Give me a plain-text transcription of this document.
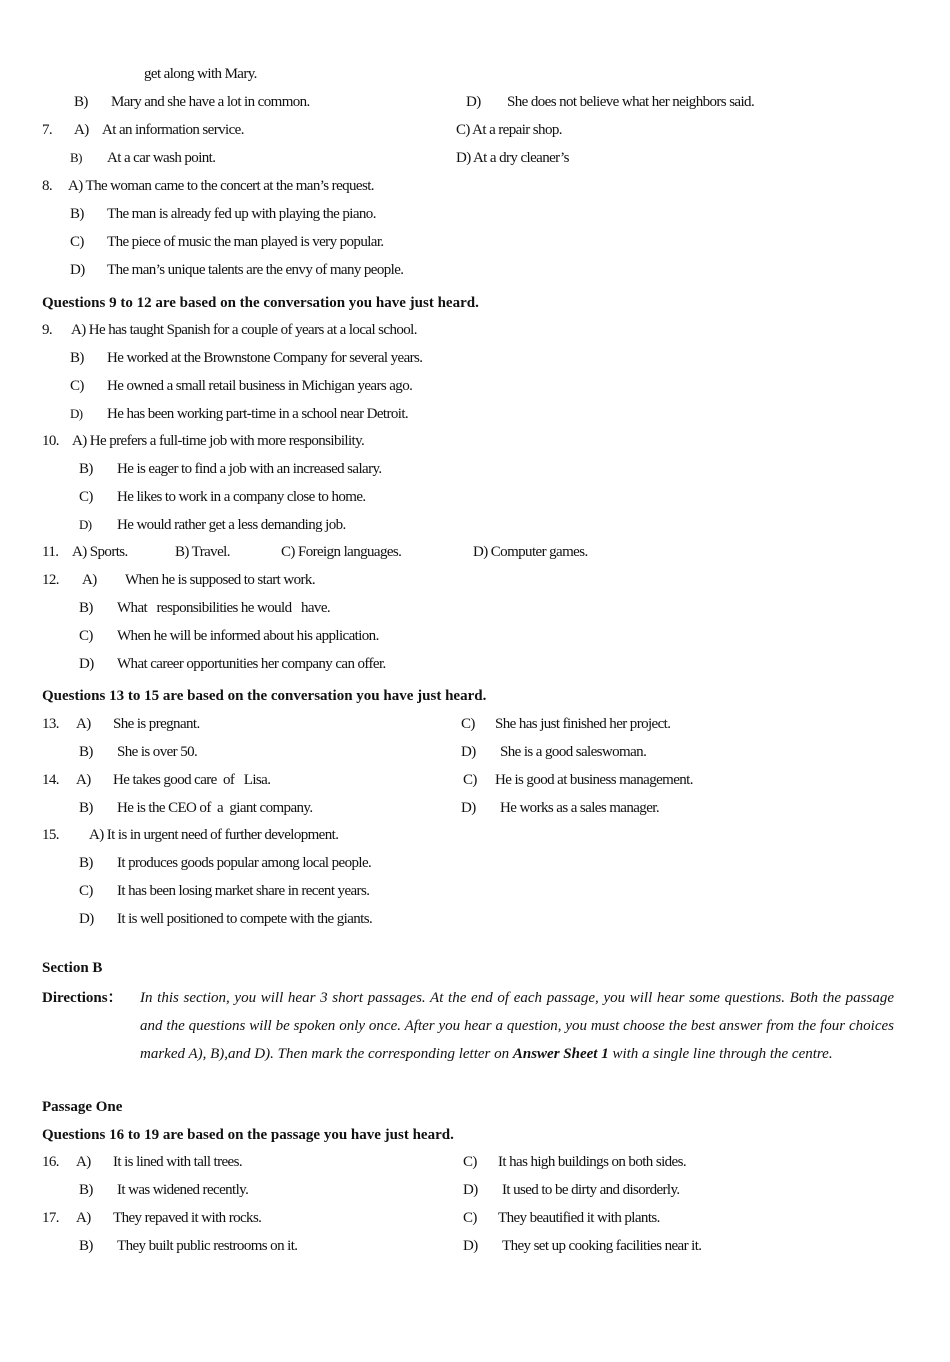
get along with Mary.
B) Mary and she have a lot in common.	D) She does not believe what her neighbors said.
7. A) At an information service.	C) At a repair shop.
B) At a car wash point.	D) At a dry cleaner’s
8. A) The woman came to the concert at the man’s request.
B) The man is already fed up with playing the piano.
C) The piece of music the man played is very popular.
D) The man’s unique talents are the envy of many people.
Questions 9 to 12 are based on the conversation you have just heard.
9. A) He has taught Spanish for a couple of years at a local school.
B) He worked at the Brownstone Company for several years.
C) He owned a small retail business in Michigan years ago.
D) He has been working part-time in a school near Detroit.
10. A) He prefers a full-time job with more responsibility.
B) He is eager to find a job with an increased salary.
C) He likes to work in a company close to home.
D) He would rather get a less demanding job.
11. A) Sports.	B) Travel.	C) Foreign languages.	D) Computer games.
12. A) When he is supposed to start work.
B) What   responsibilities he would   have.
C) When he will be informed about his application.
D) What career opportunities her company can offer.
Questions 13 to 15 are based on the conversation you have just heard.
13. A) She is pregnant.	C) She has just finished her project.
B) She is over 50.	D) She is a good saleswoman.
14. A) He takes good care  of   Lisa.	C) He is good at business management.
B) He is the CEO of  a  giant company.	D) He works as a sales manager.
15. A) It is in urgent need of further development.
B) It produces goods popular among local people.
C) It has been losing market share in recent years.
D) It is well positioned to compete with the giants.
Section B
Directions： In this section, you will hear 3 short passages. At the end of each passage, you will hear some questions. Both the passage and the questions will be spoken only once. After you hear a question, you must choose the best answer from the four choices marked A), B),and D). Then mark the corresponding letter on Answer Sheet 1 with a single line through the centre.
Passage One
Questions 16 to 19 are based on the passage you have just heard.
16. A) It is lined with tall trees.	C) It has high buildings on both sides.
B) It was widened recently.	D) It used to be dirty and disorderly.
17. A) They repaved it with rocks.	C) They beautified it with plants.
B) They built public restrooms on it.	D) They set up cooking facilities near it.
